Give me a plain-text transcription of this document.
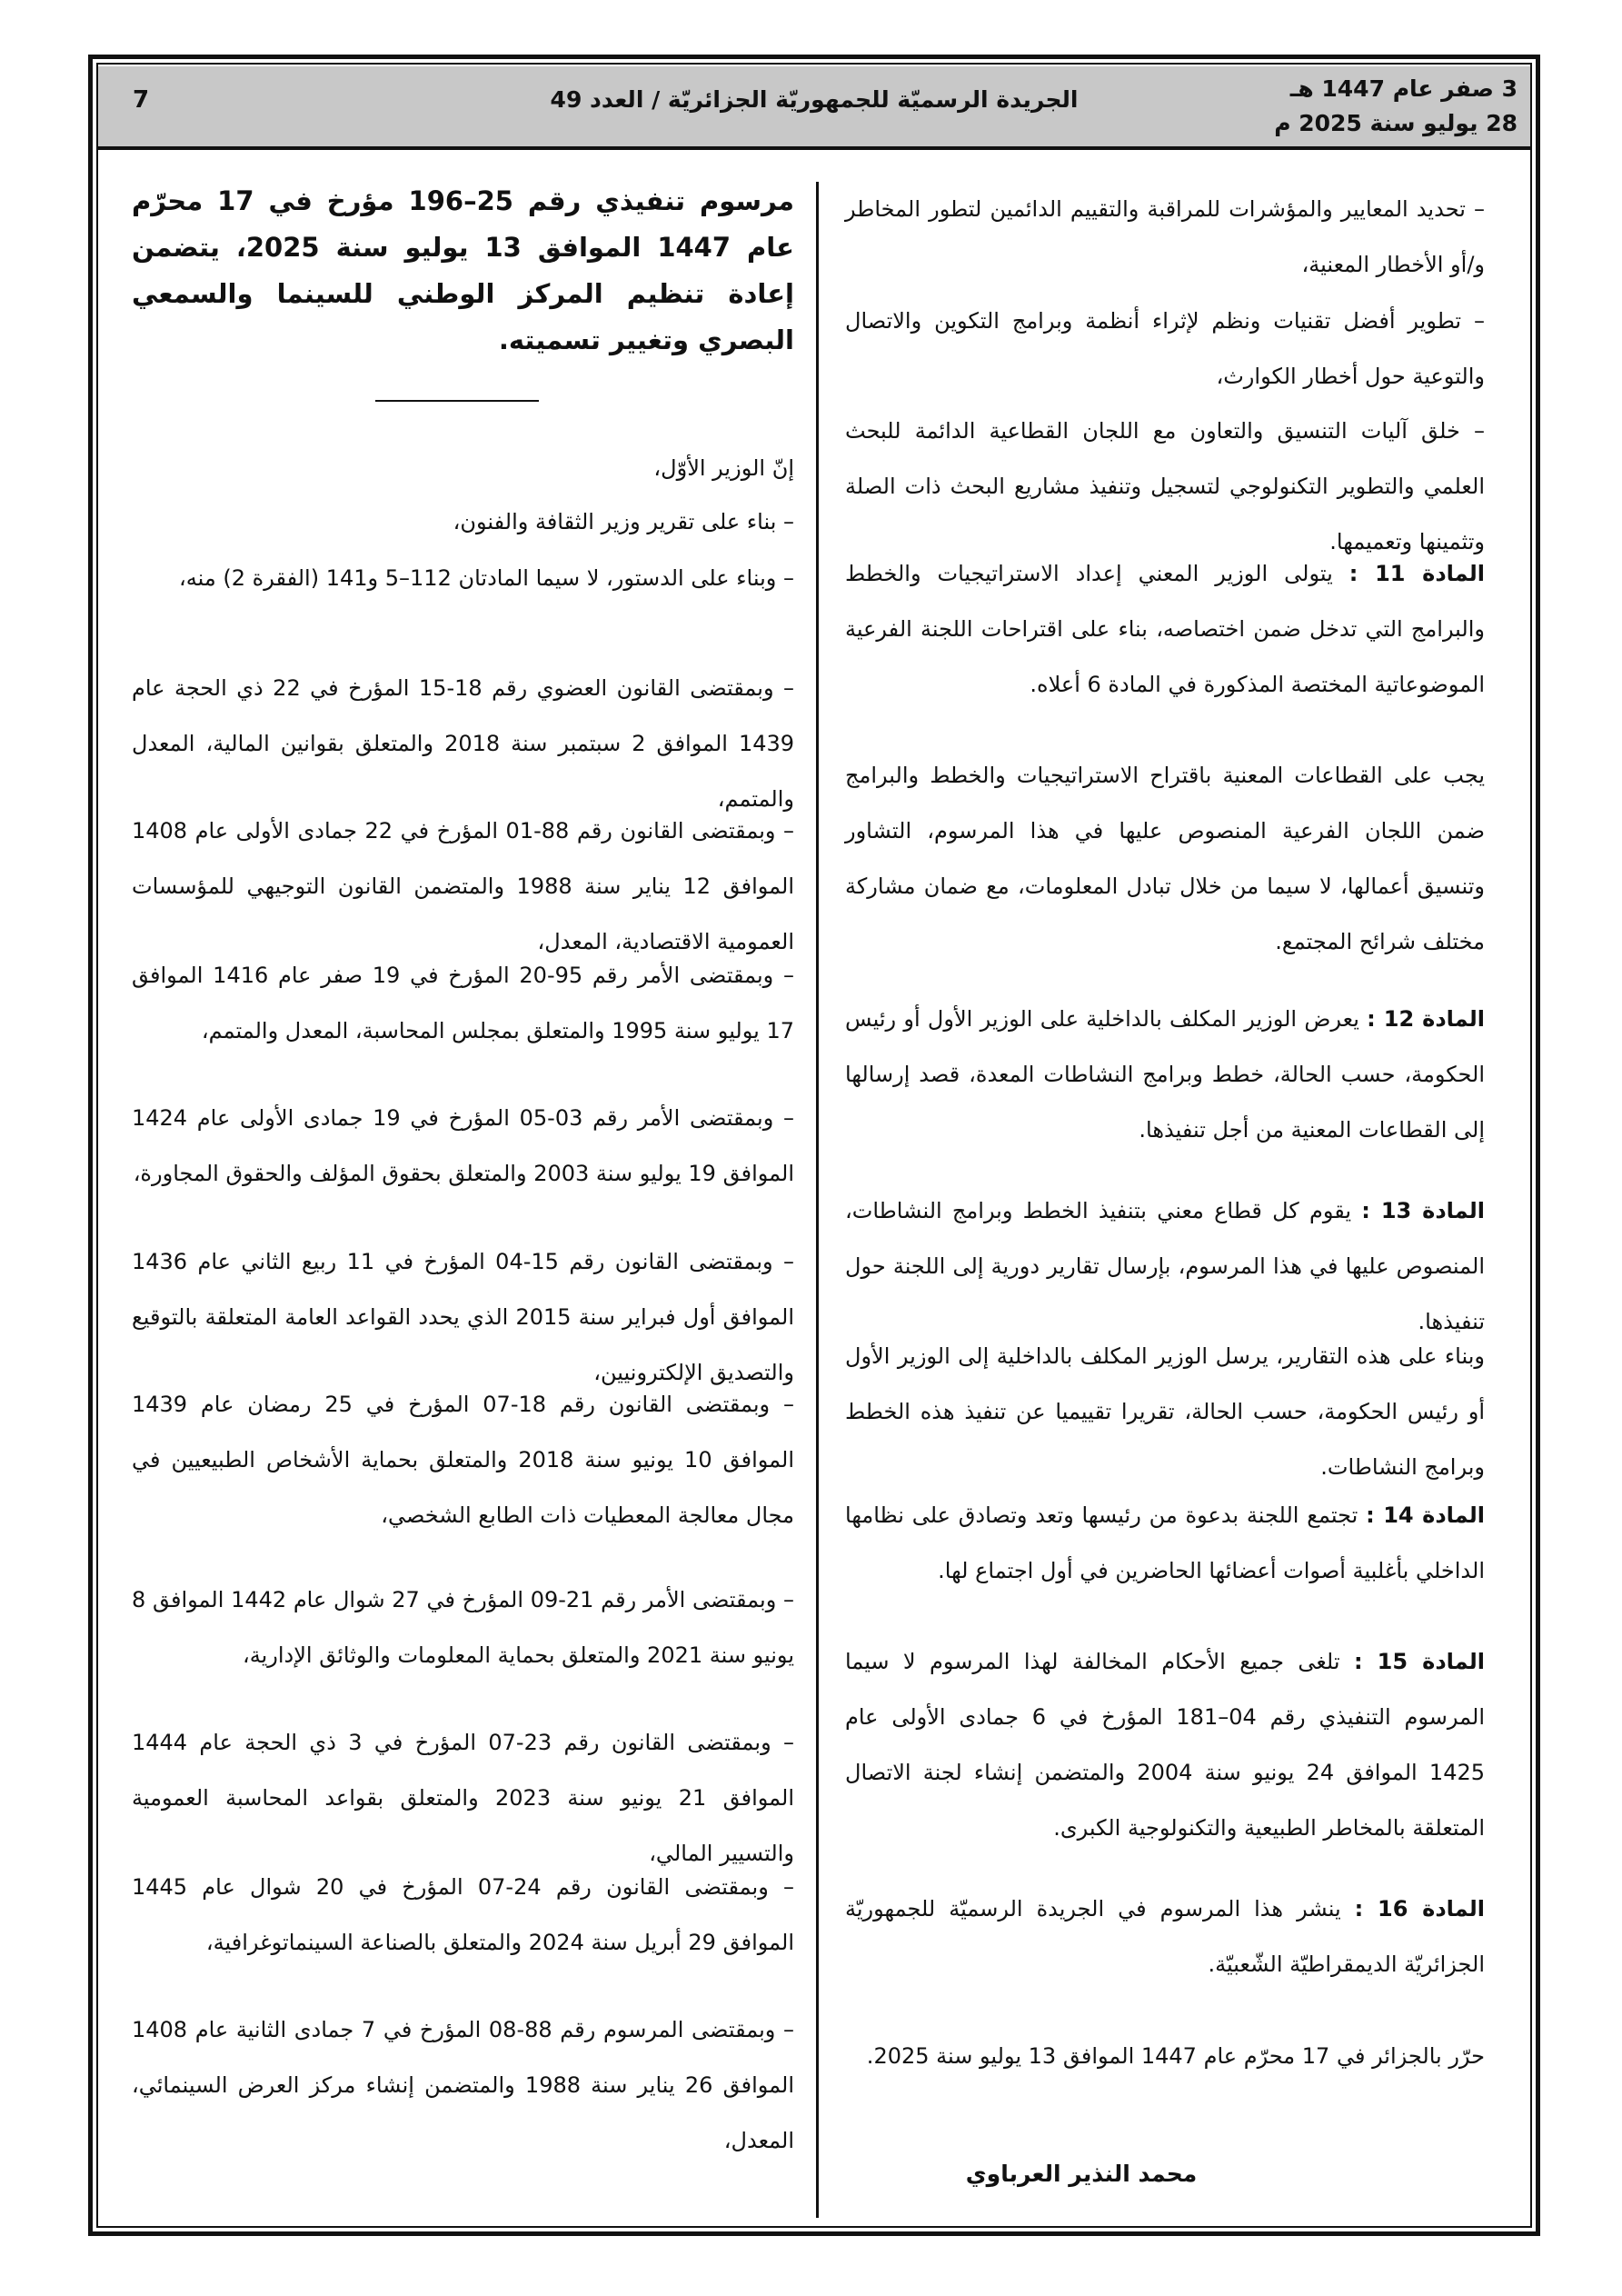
3 صفر عام 1447 هـ
28 يوليو سنة 2025 م
الجريدة الرسميّة للجمهوريّة الجزائريّة / العدد 49
7
– تحديد المعايير والمؤشرات للمراقبة والتقييم الدائمين لتطور المخاطر و/أو الأخطار المعنية،
– تطوير أفضل تقنيات ونظم لإثراء أنظمة وبرامج التكوين والاتصال والتوعية حول أخطار الكوارث،
– خلق آليات التنسيق والتعاون مع اللجان القطاعية الدائمة للبحث العلمي والتطوير التكنولوجي لتسجيل وتنفيذ مشاريع البحث ذات الصلة وتثمينها وتعميمها.
المادة 11 : يتولى الوزير المعني إعداد الاستراتيجيات والخطط والبرامج التي تدخل ضمن اختصاصه، بناء على اقتراحات اللجنة الفرعية الموضوعاتية المختصة المذكورة في المادة 6 أعلاه.
يجب على القطاعات المعنية باقتراح الاستراتيجيات والخطط والبرامج ضمن اللجان الفرعية المنصوص عليها في هذا المرسوم، التشاور وتنسيق أعمالها، لا سيما من خلال تبادل المعلومات، مع ضمان مشاركة مختلف شرائح المجتمع.
المادة 12 : يعرض الوزير المكلف بالداخلية على الوزير الأول أو رئيس الحكومة، حسب الحالة، خطط وبرامج النشاطات المعدة، قصد إرسالها إلى القطاعات المعنية من أجل تنفيذها.
المادة 13 : يقوم كل قطاع معني بتنفيذ الخطط وبرامج النشاطات، المنصوص عليها في هذا المرسوم، بإرسال تقارير دورية إلى اللجنة حول تنفيذها.
وبناء على هذه التقارير، يرسل الوزير المكلف بالداخلية إلى الوزير الأول أو رئيس الحكومة، حسب الحالة، تقريرا تقييميا عن تنفيذ هذه الخطط وبرامج النشاطات.
المادة 14 : تجتمع اللجنة بدعوة من رئيسها وتعد وتصادق على نظامها الداخلي بأغلبية أصوات أعضائها الحاضرين في أول اجتماع لها.
المادة 15 : تلغى جميع الأحكام المخالفة لهذا المرسوم لا سيما المرسوم التنفيذي رقم 04–181 المؤرخ في 6 جمادى الأولى عام 1425 الموافق 24 يونيو سنة 2004 والمتضمن إنشاء لجنة الاتصال المتعلقة بالمخاطر الطبيعية والتكنولوجية الكبرى.
المادة 16 : ينشر هذا المرسوم في الجريدة الرسميّة للجمهوريّة الجزائريّة الديمقراطيّة الشّعبيّة.
حرّر بالجزائر في 17 محرّم عام 1447 الموافق 13 يوليو سنة 2025.
محمد النذير العرباوي
مرسوم تنفيذي رقم 25–196 مؤرخ في 17 محرّم عام 1447 الموافق 13 يوليو سنة 2025، يتضمن إعادة تنظيم المركز الوطني للسينما والسمعي البصري وتغيير تسميته.
إنّ الوزير الأوّل،
– بناء على تقرير وزير الثقافة والفنون،
– وبناء على الدستور، لا سيما المادتان 112–5 و141 (الفقرة 2) منه،
– وبمقتضى القانون العضوي رقم 18-15 المؤرخ في 22 ذي الحجة عام 1439 الموافق 2 سبتمبر سنة 2018 والمتعلق بقوانين المالية، المعدل والمتمم،
– وبمقتضى القانون رقم 88-01 المؤرخ في 22 جمادى الأولى عام 1408 الموافق 12 يناير سنة 1988 والمتضمن القانون التوجيهي للمؤسسات العمومية الاقتصادية، المعدل،
– وبمقتضى الأمر رقم 95-20 المؤرخ في 19 صفر عام 1416 الموافق 17 يوليو سنة 1995 والمتعلق بمجلس المحاسبة، المعدل والمتمم،
– وبمقتضى الأمر رقم 03-05 المؤرخ في 19 جمادى الأولى عام 1424 الموافق 19 يوليو سنة 2003 والمتعلق بحقوق المؤلف والحقوق المجاورة،
– وبمقتضى القانون رقم 15-04 المؤرخ في 11 ربيع الثاني عام 1436 الموافق أول فبراير سنة 2015 الذي يحدد القواعد العامة المتعلقة بالتوقيع والتصديق الإلكترونيين،
– وبمقتضى القانون رقم 18-07 المؤرخ في 25 رمضان عام 1439 الموافق 10 يونيو سنة 2018 والمتعلق بحماية الأشخاص الطبيعيين في مجال معالجة المعطيات ذات الطابع الشخصي،
– وبمقتضى الأمر رقم 21-09 المؤرخ في 27 شوال عام 1442 الموافق 8 يونيو سنة 2021 والمتعلق بحماية المعلومات والوثائق الإدارية،
– وبمقتضى القانون رقم 23-07 المؤرخ في 3 ذي الحجة عام 1444 الموافق 21 يونيو سنة 2023 والمتعلق بقواعد المحاسبة العمومية والتسيير المالي،
– وبمقتضى القانون رقم 24-07 المؤرخ في 20 شوال عام 1445 الموافق 29 أبريل سنة 2024 والمتعلق بالصناعة السينماتوغرافية،
– وبمقتضى المرسوم رقم 88-08 المؤرخ في 7 جمادى الثانية عام 1408 الموافق 26 يناير سنة 1988 والمتضمن إنشاء مركز العرض السينمائي، المعدل،
